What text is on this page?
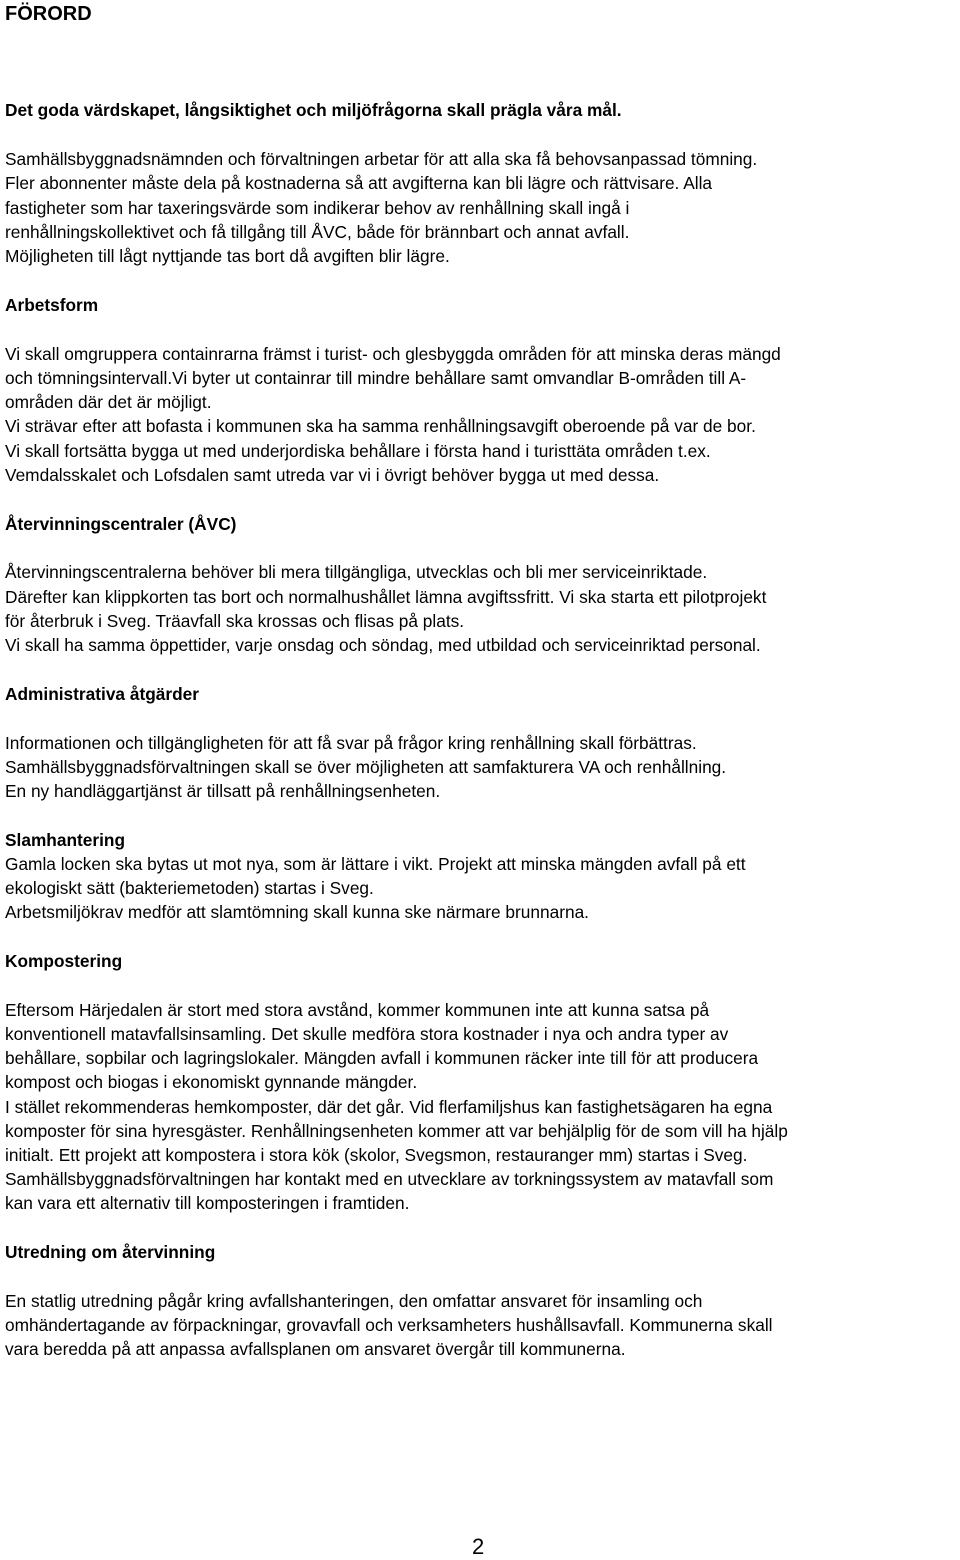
FÖRORD

Det goda värdskapet, långsiktighet och miljöfrågorna skall prägla våra mål.

Samhällsbyggnadsnämnden och förvaltningen arbetar för att alla ska få behovsanpassad tömning.

Fler abonnenter måste dela på kostnaderna så att avgifterna kan bli lägre och rättvisare. Alla

fastigheter som har taxeringsvärde som indikerar behov av renhållning skall ingå i

renhållningskollektivet och få tillgång till ÅVC, både för brännbart och annat avfall.

Möjligheten till lågt nyttjande tas bort då avgiften blir lägre.

Arbetsform

Vi skall omgruppera containrarna främst i turist- och glesbyggda områden för att minska deras mängd

och tömningsintervall.Vi byter ut containrar till mindre behållare samt omvandlar B-områden till A-

områden där det är möjligt.

Vi strävar efter att bofasta i kommunen ska ha samma renhållningsavgift oberoende på var de bor.

Vi skall fortsätta bygga ut med underjordiska behållare i första hand i turisttäta områden t.ex.

Vemdalsskalet och Lofsdalen samt utreda var vi i övrigt behöver bygga ut med dessa.

Återvinningscentraler (ÅVC)

Återvinningscentralerna behöver bli mera tillgängliga, utvecklas och bli mer serviceinriktade.

Därefter kan klippkorten tas bort och normalhushållet lämna avgiftssfritt. Vi ska starta ett pilotprojekt

för återbruk i Sveg. Träavfall ska krossas och flisas på plats.

Vi skall ha samma öppettider, varje onsdag och söndag, med utbildad och serviceinriktad personal.

Administrativa åtgärder

Informationen och tillgängligheten för att få svar på frågor kring renhållning skall förbättras.

Samhällsbyggnadsförvaltningen skall se över möjligheten att samfakturera VA och renhållning.

En ny handläggartjänst är tillsatt på renhållningsenheten.

Slamhantering

Gamla locken ska bytas ut mot nya, som är lättare i vikt. Projekt att minska mängden avfall på ett

ekologiskt sätt (bakteriemetoden) startas i Sveg.

Arbetsmiljökrav medför att slamtömning skall kunna ske närmare brunnarna.

Kompostering

Eftersom Härjedalen är stort med stora avstånd, kommer kommunen inte att kunna satsa på

konventionell matavfallsinsamling. Det skulle medföra stora kostnader i nya och andra typer av

behållare, sopbilar och lagringslokaler. Mängden avfall i kommunen räcker inte till för att producera

kompost och biogas i ekonomiskt gynnande mängder.

I stället rekommenderas hemkomposter, där det går. Vid flerfamiljshus kan fastighetsägaren ha egna

komposter för sina hyresgäster. Renhållningsenheten kommer att var behjälplig för de som vill ha hjälp

initialt. Ett projekt att kompostera i stora kök (skolor, Svegsmon, restauranger mm) startas i Sveg.

Samhällsbyggnadsförvaltningen har kontakt med en utvecklare av torkningssystem av matavfall som

kan vara ett alternativ till komposteringen i framtiden.

Utredning om återvinning

En statlig utredning pågår kring avfallshanteringen, den omfattar ansvaret för insamling och

omhändertagande av förpackningar, grovavfall och verksamheters hushållsavfall. Kommunerna skall

vara beredda på att anpassa avfallsplanen om ansvaret övergår till kommunerna.

2
